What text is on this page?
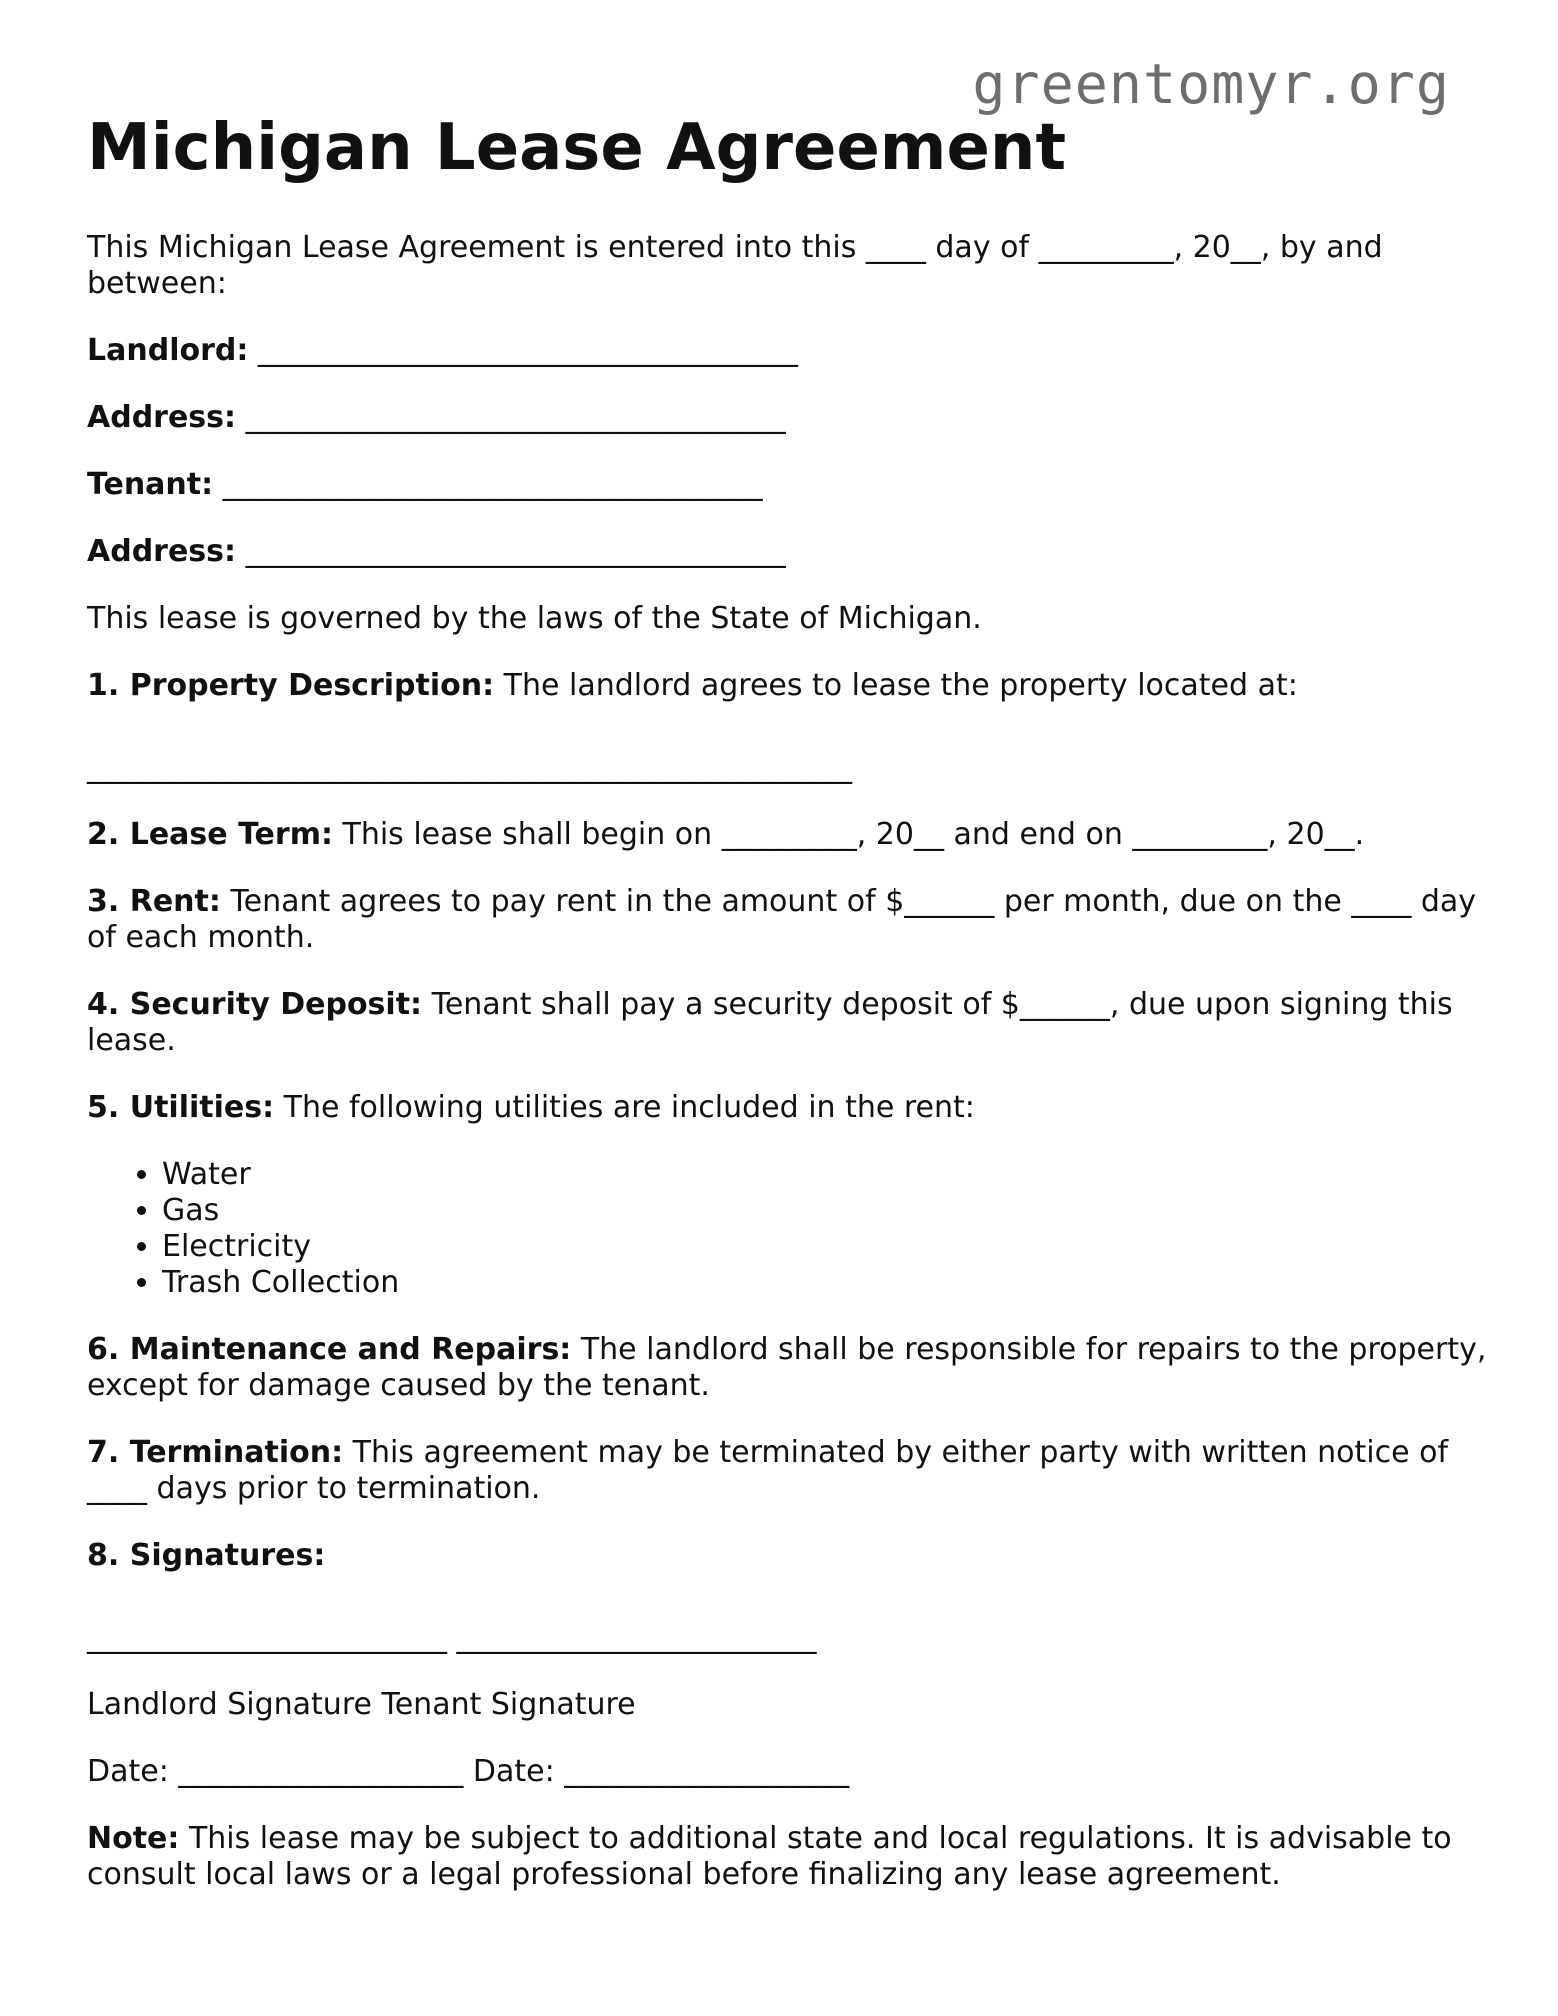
greentomyr.org
Michigan Lease Agreement

This Michigan Lease Agreement is entered into this ____ day of _________, 20__, by and between:

Landlord: ____________________________________

Address: ____________________________________

Tenant: ____________________________________

Address: ____________________________________

This lease is governed by the laws of the State of Michigan.

1. Property Description: The landlord agrees to lease the property located at:

___________________________________________________

2. Lease Term: This lease shall begin on _________, 20__ and end on _________, 20__.

3. Rent: Tenant agrees to pay rent in the amount of $______ per month, due on the ____ day of each month.

4. Security Deposit: Tenant shall pay a security deposit of $______, due upon signing this lease.

5. Utilities: The following utilities are included in the rent:

• Water
• Gas
• Electricity
• Trash Collection

6. Maintenance and Repairs: The landlord shall be responsible for repairs to the property, except for damage caused by the tenant.

7. Termination: This agreement may be terminated by either party with written notice of ____ days prior to termination.

8. Signatures:

________________________ ________________________

Landlord Signature Tenant Signature

Date: ___________________ Date: ___________________

Note: This lease may be subject to additional state and local regulations. It is advisable to consult local laws or a legal professional before finalizing any lease agreement.
